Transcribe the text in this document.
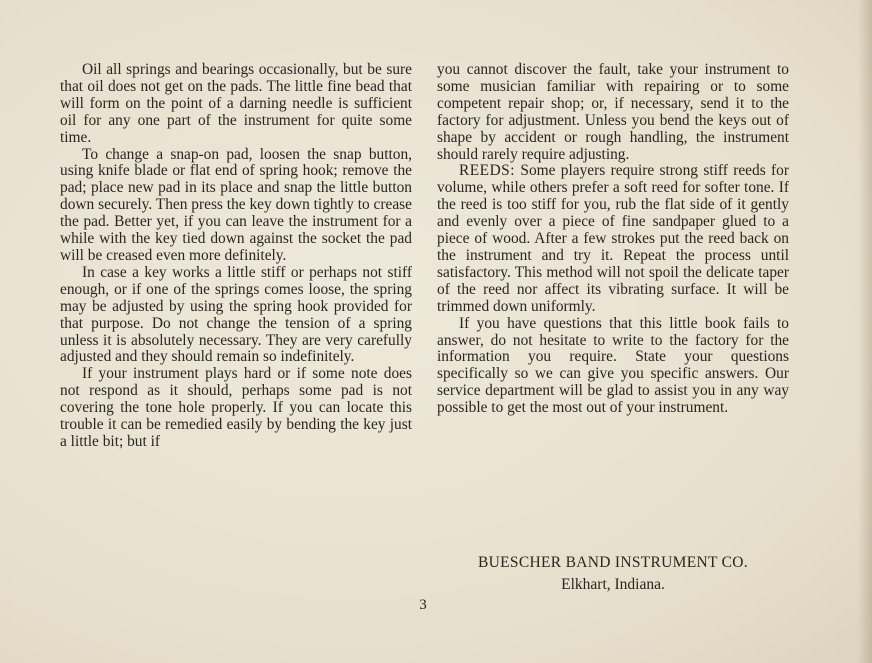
Oil all springs and bearings occasionally, but be sure that oil does not get on the pads. The little fine bead that will form on the point of a darning needle is sufficient oil for any one part of the instrument for quite some time.

To change a snap-on pad, loosen the snap button, using knife blade or flat end of spring hook; remove the pad; place new pad in its place and snap the little button down securely. Then press the key down tightly to crease the pad. Better yet, if you can leave the instrument for a while with the key tied down against the socket the pad will be creased even more definitely.

In case a key works a little stiff or perhaps not stiff enough, or if one of the springs comes loose, the spring may be adjusted by using the spring hook provided for that purpose. Do not change the tension of a spring unless it is absolutely necessary. They are very carefully adjusted and they should remain so indefinitely.

If your instrument plays hard or if some note does not respond as it should, perhaps some pad is not covering the tone hole properly. If you can locate this trouble it can be remedied easily by bending the key just a little bit; but if

you cannot discover the fault, take your instrument to some musician familiar with repairing or to some competent repair shop; or, if necessary, send it to the factory for adjustment. Unless you bend the keys out of shape by accident or rough handling, the instrument should rarely require adjusting.

REEDS: Some players require strong stiff reeds for volume, while others prefer a soft reed for softer tone. If the reed is too stiff for you, rub the flat side of it gently and evenly over a piece of fine sandpaper glued to a piece of wood. After a few strokes put the reed back on the instrument and try it. Repeat the process until satisfactory. This method will not spoil the delicate taper of the reed nor affect its vibrating surface. It will be trimmed down uniformly.

If you have questions that this little book fails to answer, do not hesitate to write to the factory for the information you require. State your questions specifically so we can give you specific answers. Our service department will be glad to assist you in any way possible to get the most out of your instrument.

BUESCHER BAND INSTRUMENT CO.
Elkhart, Indiana.
3
